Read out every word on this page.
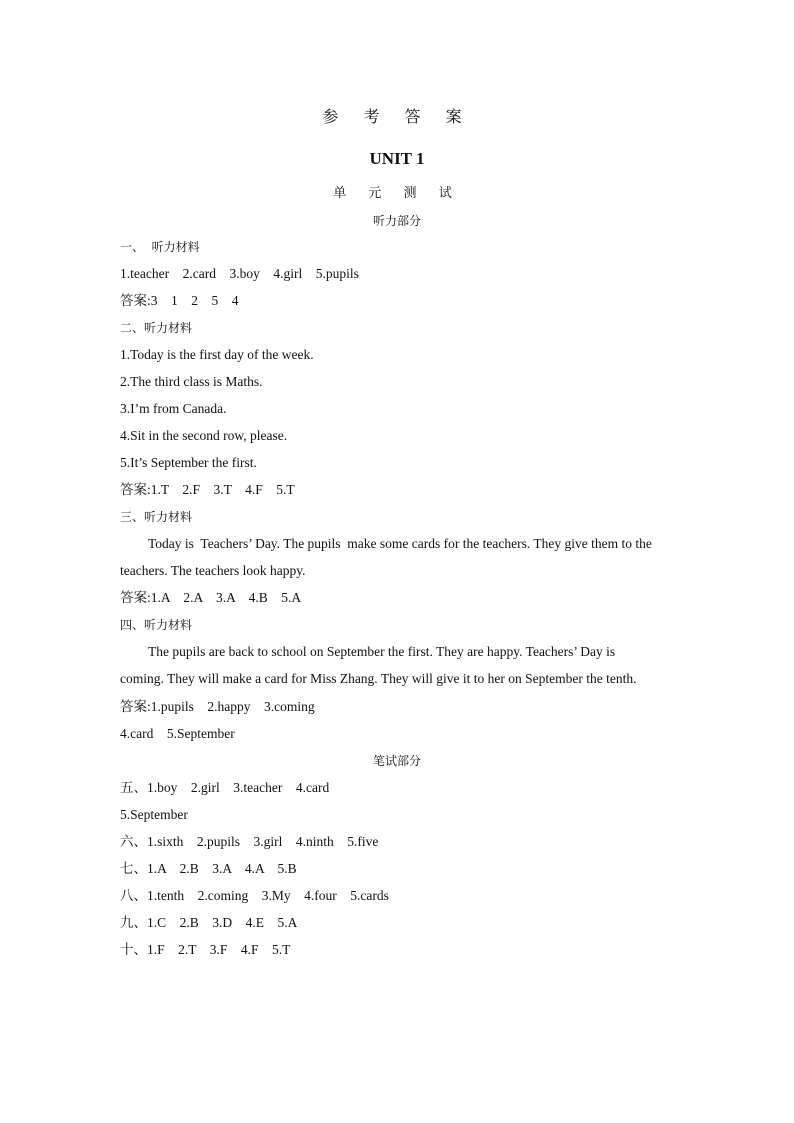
参 考 答 案
UNIT 1
单 元 测 试
听力部分
一、  听力材料
1.teacher    2.card    3.boy    4.girl    5.pupils
答案:3    1    2    5    4
二、听力材料
1.Today is the first day of the week.
2.The third class is Maths.
3.I’m from Canada.
4.Sit in the second row, please.
5.It’s September the first.
答案:1.T    2.F    3.T    4.F    5.T
三、听力材料
Today is  Teachers’ Day. The pupils  make some cards for the teachers. They give them to the
teachers. The teachers look happy.
答案:1.A    2.A    3.A    4.B    5.A
四、听力材料
The pupils are back to school on September the first. They are happy. Teachers’ Day is
coming. They will make a card for Miss Zhang. They will give it to her on September the tenth.
答案:1.pupils    2.happy    3.coming
4.card    5.September
笔试部分
五、1.boy    2.girl    3.teacher    4.card
5.September
六、1.sixth    2.pupils    3.girl    4.ninth    5.five
七、1.A    2.B    3.A    4.A    5.B
八、1.tenth    2.coming    3.My    4.four    5.cards
九、1.C    2.B    3.D    4.E    5.A
十、1.F    2.T    3.F    4.F    5.T
